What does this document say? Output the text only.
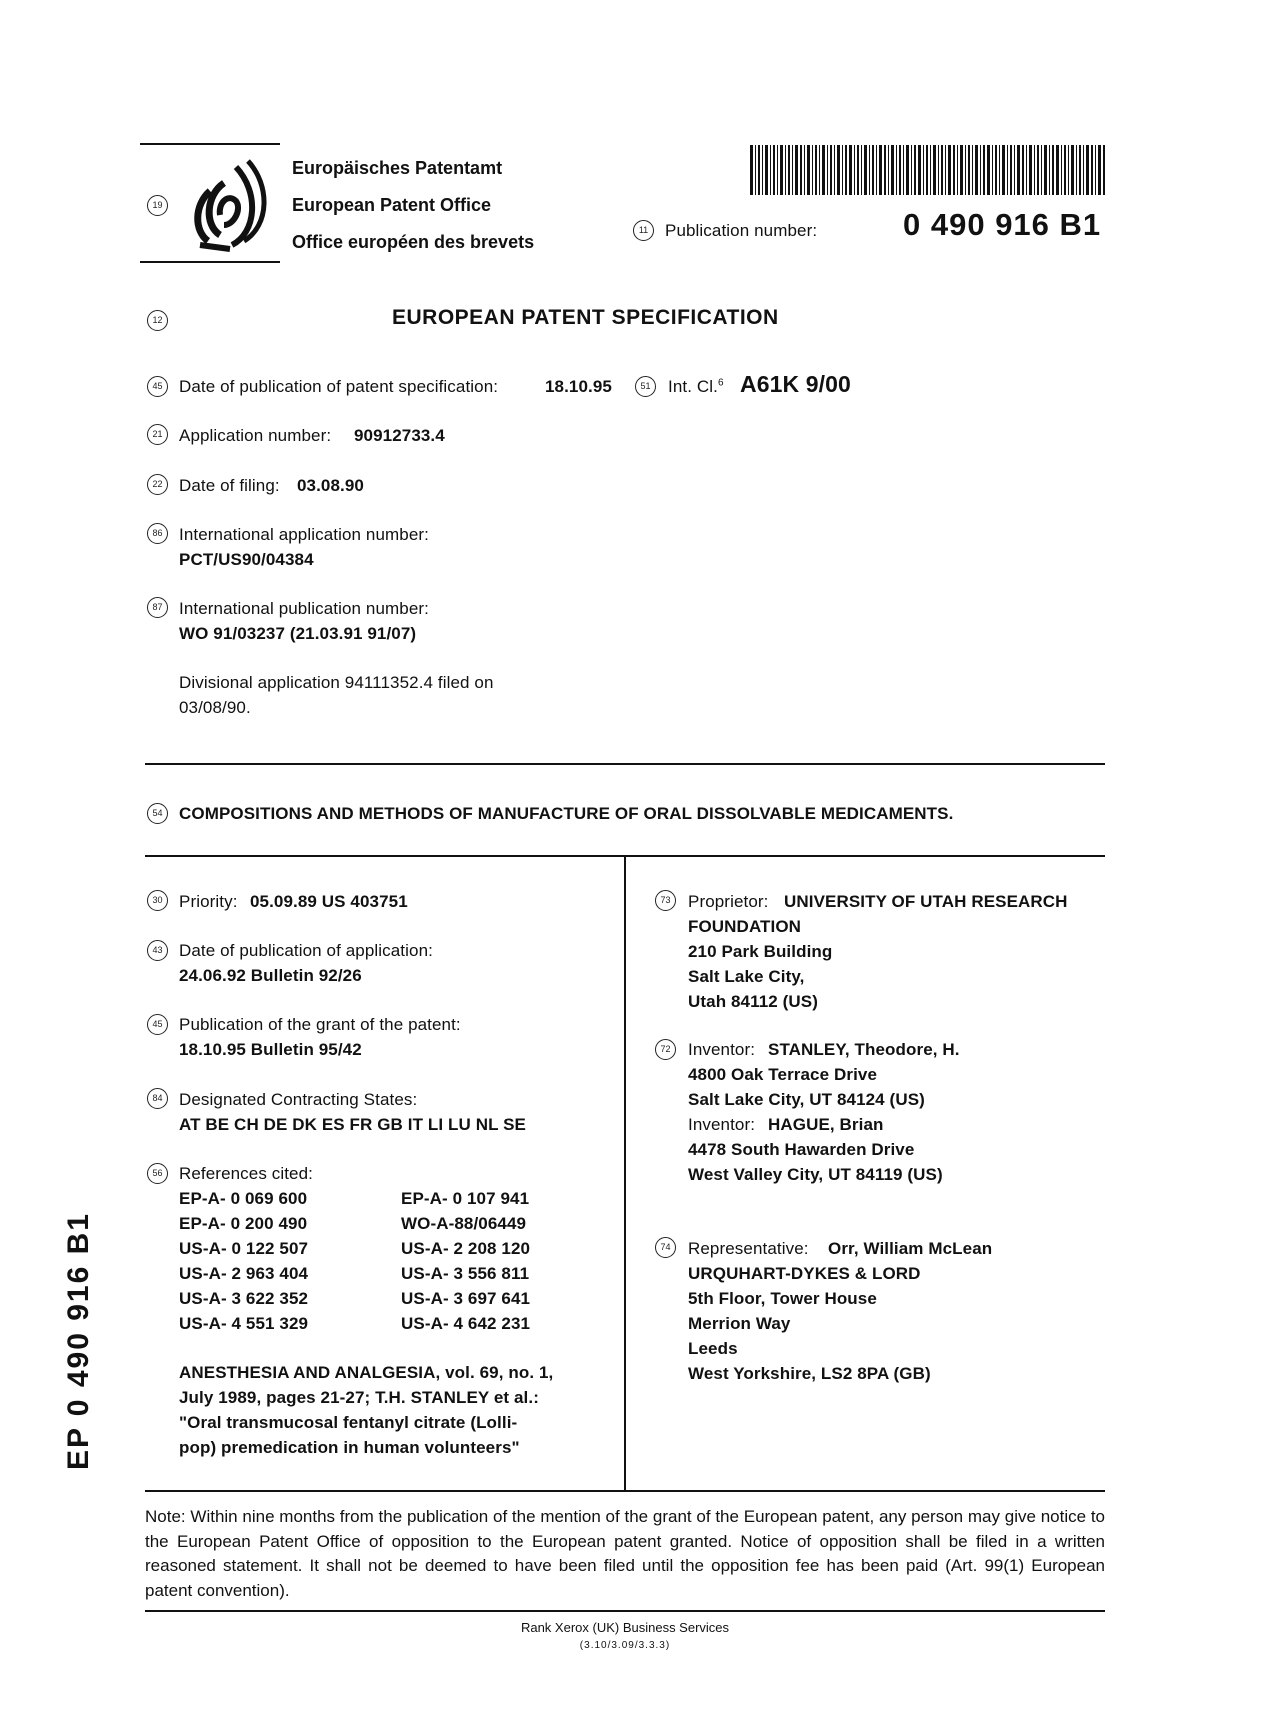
19
Europäisches Patentamt
European Patent Office
Office européen des brevets
11 Publication number:	0 490 916 B1
12	EUROPEAN PATENT SPECIFICATION
45 Date of publication of patent specification:	18.10.95	51	Int. Cl.$^6$ A61K 9/00
21 Application number: 90912733.4
22 Date of filing: 03.08.90
86 International application number:
PCT/US90/04384
87 International publication number:
WO 91/03237 (21.03.91 91/07)
Divisional application 94111352.4 filed on
03/08/90.
54 COMPOSITIONS AND METHODS OF MANUFACTURE OF ORAL DISSOLVABLE MEDICAMENTS.
30 Priority: 05.09.89 US 403751
43 Date of publication of application:
24.06.92 Bulletin 92/26
45 Publication of the grant of the patent:
18.10.95 Bulletin 95/42
84 Designated Contracting States:
AT BE CH DE DK ES FR GB IT LI LU NL SE
56 References cited:
EP-A- 0 069 600	EP-A- 0 107 941
EP-A- 0 200 490	WO-A-88/06449
US-A- 0 122 507	US-A- 2 208 120
US-A- 2 963 404	US-A- 3 556 811
US-A- 3 622 352	US-A- 3 697 641
US-A- 4 551 329	US-A- 4 642 231
ANESTHESIA AND ANALGESIA, vol. 69, no. 1,
July 1989, pages 21-27; T.H. STANLEY et al.:
"Oral transmucosal fentanyl citrate (Lolli-
pop) premedication in human volunteers"
73	Proprietor: UNIVERSITY OF UTAH RESEARCH
FOUNDATION
210 Park Building
Salt Lake City,
Utah 84112 (US)
72	Inventor: STANLEY, Theodore, H.
4800 Oak Terrace Drive
Salt Lake City, UT 84124 (US)
Inventor: HAGUE, Brian
4478 South Hawarden Drive
West Valley City, UT 84119 (US)
74	Representative: Orr, William McLean
URQUHART-DYKES & LORD
5th Floor, Tower House
Merrion Way
Leeds
West Yorkshire, LS2 8PA (GB)
Note: Within nine months from the publication of the mention of the grant of the European patent, any person may give notice to the European Patent Office of opposition to the European patent granted. Notice of opposition shall be filed in a written reasoned statement. It shall not be deemed to have been filed until the opposition fee has been paid (Art. 99(1) European patent convention).
EP 0 490 916 B1
Rank Xerox (UK) Business Services
(3.10/3.09/3.3.3)
